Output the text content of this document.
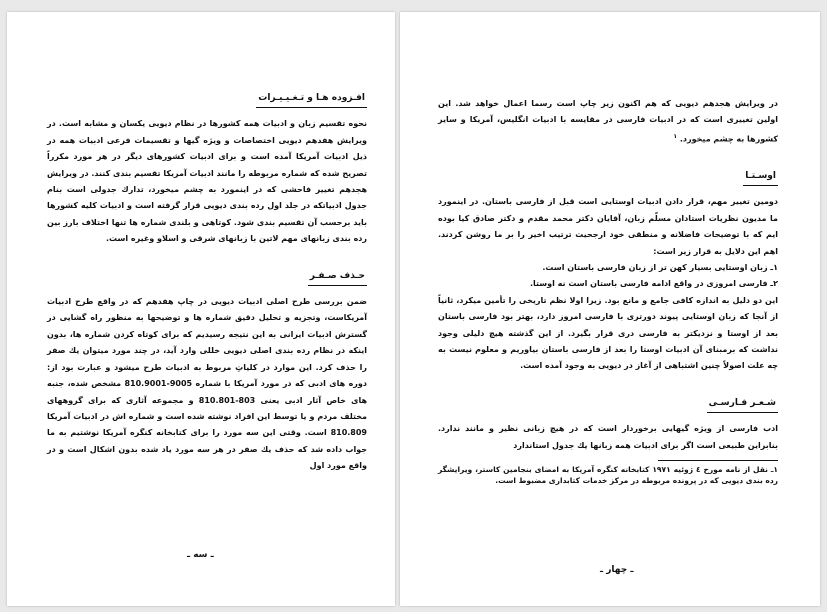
افـزوده هـا و تـغـيـيـرات

نحوه تقسيم زبان و ادبيات همه كشورها در نظام ديويى يكسان و مشابه است. در ويرايش هفدهم ديويى اختصاصات و ويژه گيها و تقسيمات فرعى ادبيات همه در ذيل ادبيات آمريكا آمده است و براى ادبيات كشورهاى ديگر در هر مورد مكرراً تصريح شده كه شماره مربوطه را مانند ادبيات آمريكا تقسيم بندى كنند. در ويرايش هجدهم تغيير فاحشى كه در اينمورد به چشم ميخورد، تدارك جدولى است بنام جدول ادبياتكه در جلد اول رده بندى ديويى قرار گرفته است و ادبيات كليه كشورها بايد برحسب آن تقسيم بندى شود. كوتاهى و بلندى شماره ها تنها اختلاف بارز بين رده بندى زبانهاى مهم لاتين با زبانهاى شرقى و اسلاو وغيره است.

حـذف صـفـر

ضمن بررسى طرح اصلى ادبيات ديويى در چاپ هفدهم كه در واقع طرح ادبيات آمريكاست، وتجزيه و تحليل دقيق شماره ها و توضيحها به منظور راه گشايى در گسترش ادبيات ايرانى به اين نتيجه رسيديم كه براى كوتاه كردن شماره ها، بدون اينكه در نظام رده بندى اصلى ديويى خللى وارد آيد، در چند مورد ميتوان يك صفر را حذف كرد. اين موارد در كلياتِ مربوط به ادبيات طرح ميشود و عبارت بود از: دوره هاى ادبى كه در مورد آمريكا با شماره 9005-810.9001 مشخص شده، جنبه هاى خاص آثار ادبى يعنى 803-810.801 و مجموعه آثارى كه براى گروههاى مختلف مردم و يا توسط اين افراد نوشته شده است و شماره اش در ادبيات آمريكا 810.809 است. وقتى اين سه مورد را براى كتابخانه كنگره آمريكا نوشتيم به ما جواب داده شد كه حذف يك صفر در هر سه مورد ياد شده بدون اشكال است و در واقع مورد اول

ـ سه ـ

در ويرايش هجدهم ديويى كه هم اكنون زير چاپ است رسما اعمال خواهد شد. اين اولين تغييرى است كه در ادبيات فارسى در مقايسه با ادبيات انگليس، آمريكا و ساير كشورها به چشم ميخورد. $^١$

اوسـتـا

دومين تغيير مهم، قرار دادن ادبيات اوستايى است قبل از فارسى باستان. در اينمورد ما مديون نظريات استادان مسلّم زبان، آقايان دكتر محمد مقدم و دكتر صادق كيا بوده ايم كه با توضيحات فاضلانه و منطقى خود ارجحيت ترتيب اخير را بر ما روشن كردند. اهم اين دلايل به قرار زير است:

١ـ زبان اوستايى بسيار كهن تر از زبان فارسى باستان است.

٢ـ فارسى امروزى در واقع ادامه فارسى باستان است نه اوستا.

اين دو دليل به اندازه كافى جامع و مانع بود. زيرا اولا نظم تاريخى را تأمين ميكرد، ثانياً از آنجا كه زبان اوستايى پيوند دورترى با فارسى امروز دارد، بهتر بود فارسى باستان بعد از اوستا و نزديكتر به فارسى درى قرار بگيرد. از اين گذشته هيچ دليلى وجود نداشت كه برمبناى آن ادبيات اوستا را بعد از فارسى باستان بياوريم و معلوم نيست به چه علت اصولاً چنين اشتباهى از آغاز در ديويى به وجود آمده است.

شـعـر فـارسـى

ادب فارسى از ويژه گيهايى برخوردار است كه در هيچ زبانى نظير و مانند ندارد. بنابراين طبيعى است اگر براى ادبيات همه زبانها يك جدول استاندارد

١ـ نقل از نامه مورخ ٤ ژوئيه ١٩٧١ كتابخانه كنگره آمريكا به امضاى بنجامين كاستر، ويرايشگر رده بندى ديويى كه در پرونده مربوطه در مركز خدمات كتابدارى مضبوط است.

ـ چهار ـ
